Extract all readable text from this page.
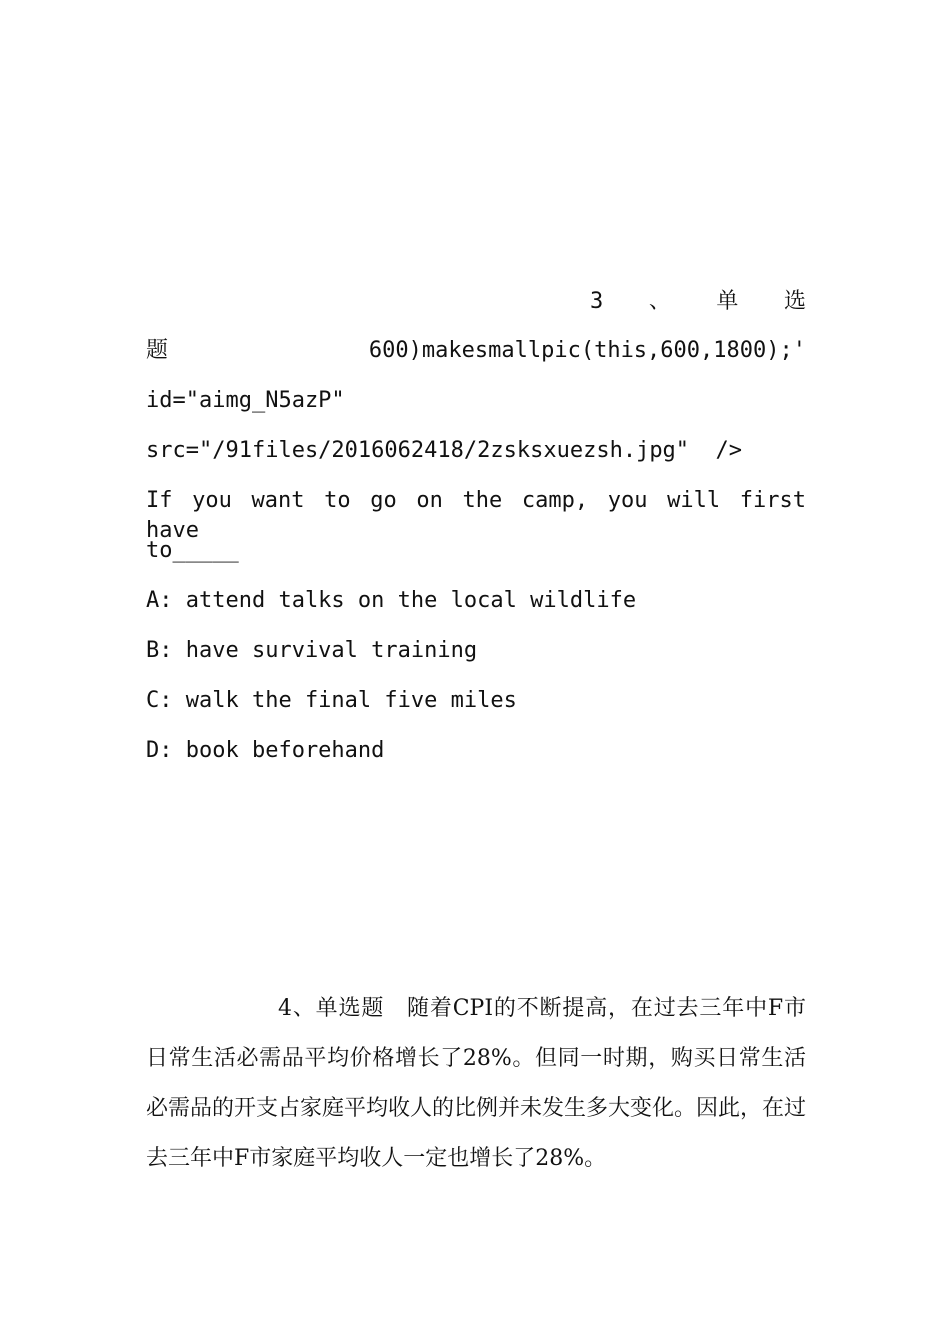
3 、 单 选
题	600)makesmallpic(this,600,1800);'
id="aimg_N5azP"
src="/91files/2016062418/2zsksxuezsh.jpg"  />
If you want to go on the camp, you will first have
to_____
A: attend talks on the local wildlife
B: have survival training
C: walk the final five miles
D: book beforehand
4、单选题 随着CPI的不断提高，在过去三年中F市日常生活必需品平均价格增长了28%。但同一时期，购买日常生活必需品的开支占家庭平均收人的比例并未发生多大变化。因此，在过去三年中F市家庭平均收人一定也增长了28%。
